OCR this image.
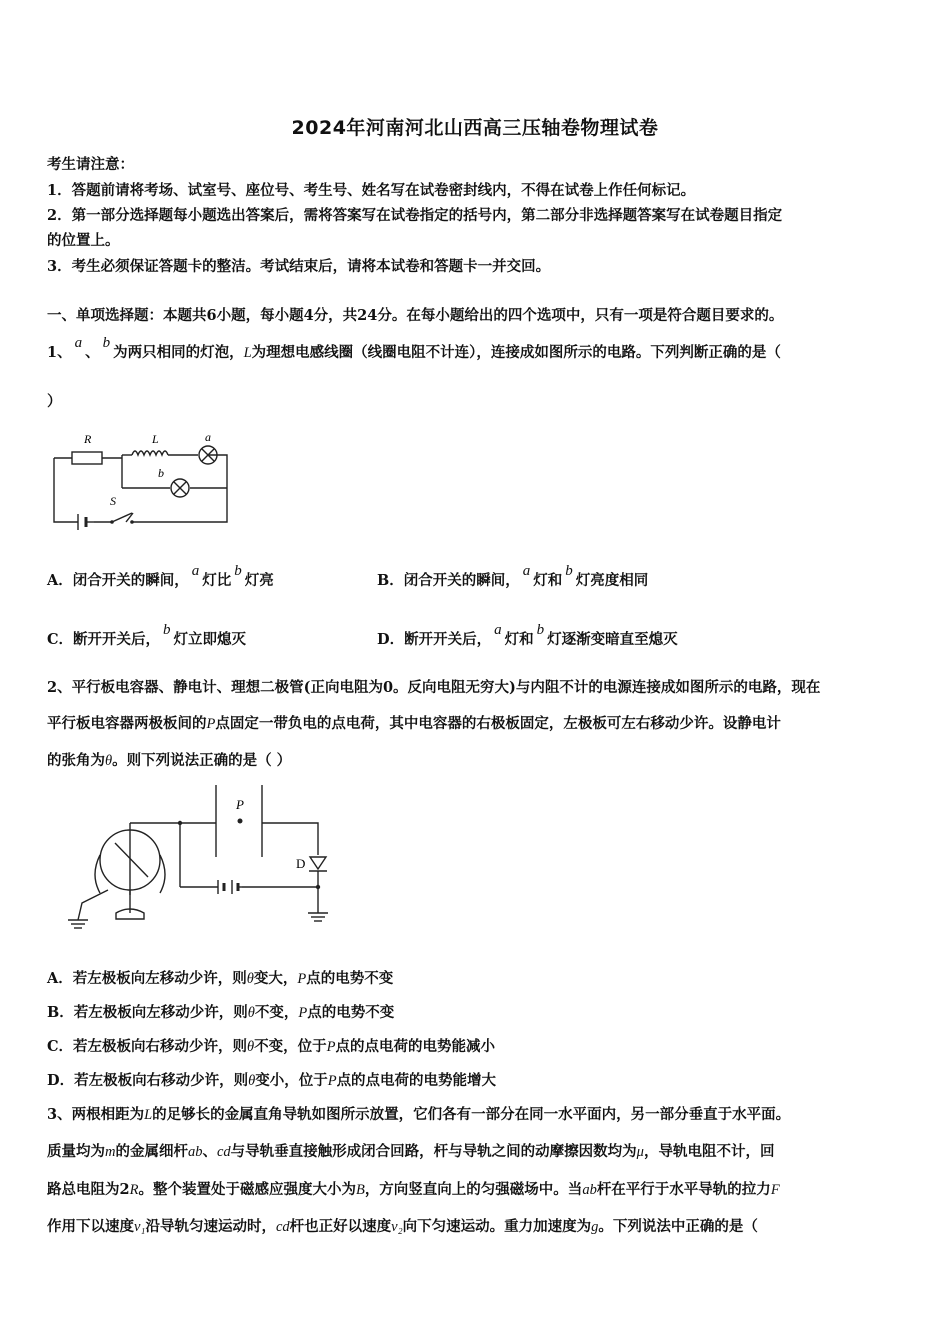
2024年河南河北山西高三压轴卷物理试卷
考生请注意：
1．答题前请将考场、试室号、座位号、考生号、姓名写在试卷密封线内，不得在试卷上作任何标记。
2．第一部分选择题每小题选出答案后，需将答案写在试卷指定的括号内，第二部分非选择题答案写在试卷题目指定
的位置上。
3．考生必须保证答题卡的整洁。考试结束后，请将本试卷和答题卡一并交回。
一、单项选择题：本题共6小题，每小题4分，共24分。在每小题给出的四个选项中，只有一项是符合题目要求的。
1、a、b为两只相同的灯泡，L为理想电感线圈（线圈电阻不计连），连接成如图所示的电路。下列判断正确的是（
）
R	L	a
b
S
A．闭合开关的瞬间，a灯比b灯亮	B．闭合开关的瞬间，a灯和b灯亮度相同
C．断开开关后，b灯立即熄灭	D．断开开关后，a灯和b灯逐渐变暗直至熄灭
2、平行板电容器、静电计、理想二极管(正向电阻为0。反向电阻无穷大)与内阻不计的电源连接成如图所示的电路，现在
平行板电容器两极板间的P点固定一带负电的点电荷，其中电容器的右极板固定，左极板可左右移动少许。设静电计
的张角为θ。则下列说法正确的是（ ）
P
D
A．若左极板向左移动少许，则θ变大，P点的电势不变
B．若左极板向左移动少许，则θ不变，P点的电势不变
C．若左极板向右移动少许，则θ不变，位于P点的点电荷的电势能减小
D．若左极板向右移动少许，则θ变小，位于P点的点电荷的电势能增大
3、两根相距为L的足够长的金属直角导轨如图所示放置，它们各有一部分在同一水平面内，另一部分垂直于水平面。
质量均为m的金属细杆ab、cd与导轨垂直接触形成闭合回路，杆与导轨之间的动摩擦因数均为μ，导轨电阻不计，回
路总电阻为2R。整个装置处于磁感应强度大小为B，方向竖直向上的匀强磁场中。当ab杆在平行于水平导轨的拉力F
作用下以速度v₁沿导轨匀速运动时，cd杆也正好以速度v₂向下匀速运动。重力加速度为g。下列说法中正确的是（
